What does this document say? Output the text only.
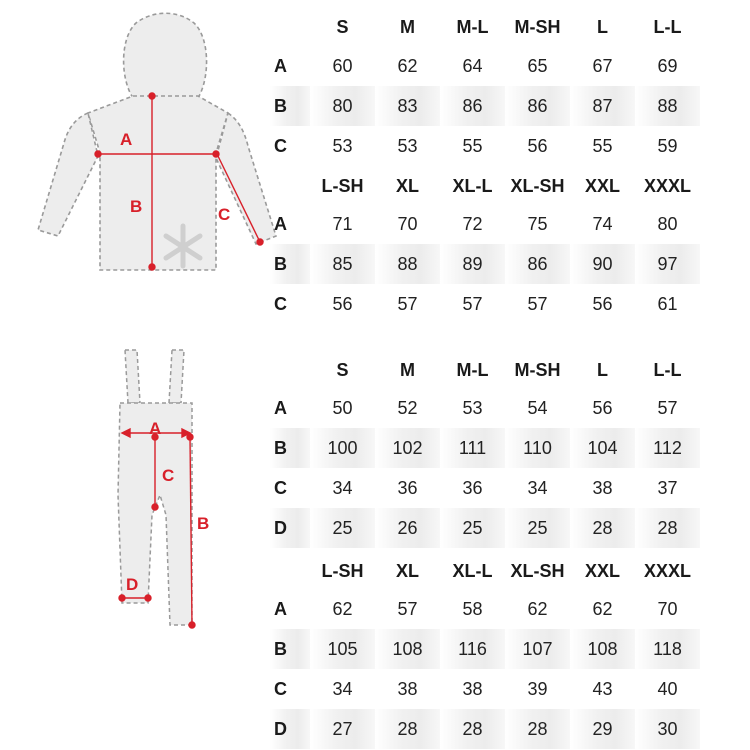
A
B	C
A
C
B
D
	S	M	M-L	M-SH	L	L-L
A	60	62	64	65	67	69
B	80	83	86	86	87	88
C	53	53	55	56	55	59
	L-SH	XL	XL-L	XL-SH	XXL	XXXL
A	71	70	72	75	74	80
B	85	88	89	86	90	97
C	56	57	57	57	56	61
	S	M	M-L	M-SH	L	L-L
A	50	52	53	54	56	57
B	100	102	111	110	104	112
C	34	36	36	34	38	37
D	25	26	25	25	28	28
	L-SH	XL	XL-L	XL-SH	XXL	XXXL
A	62	57	58	62	62	70
B	105	108	116	107	108	118
C	34	38	38	39	43	40
D	27	28	28	28	29	30
